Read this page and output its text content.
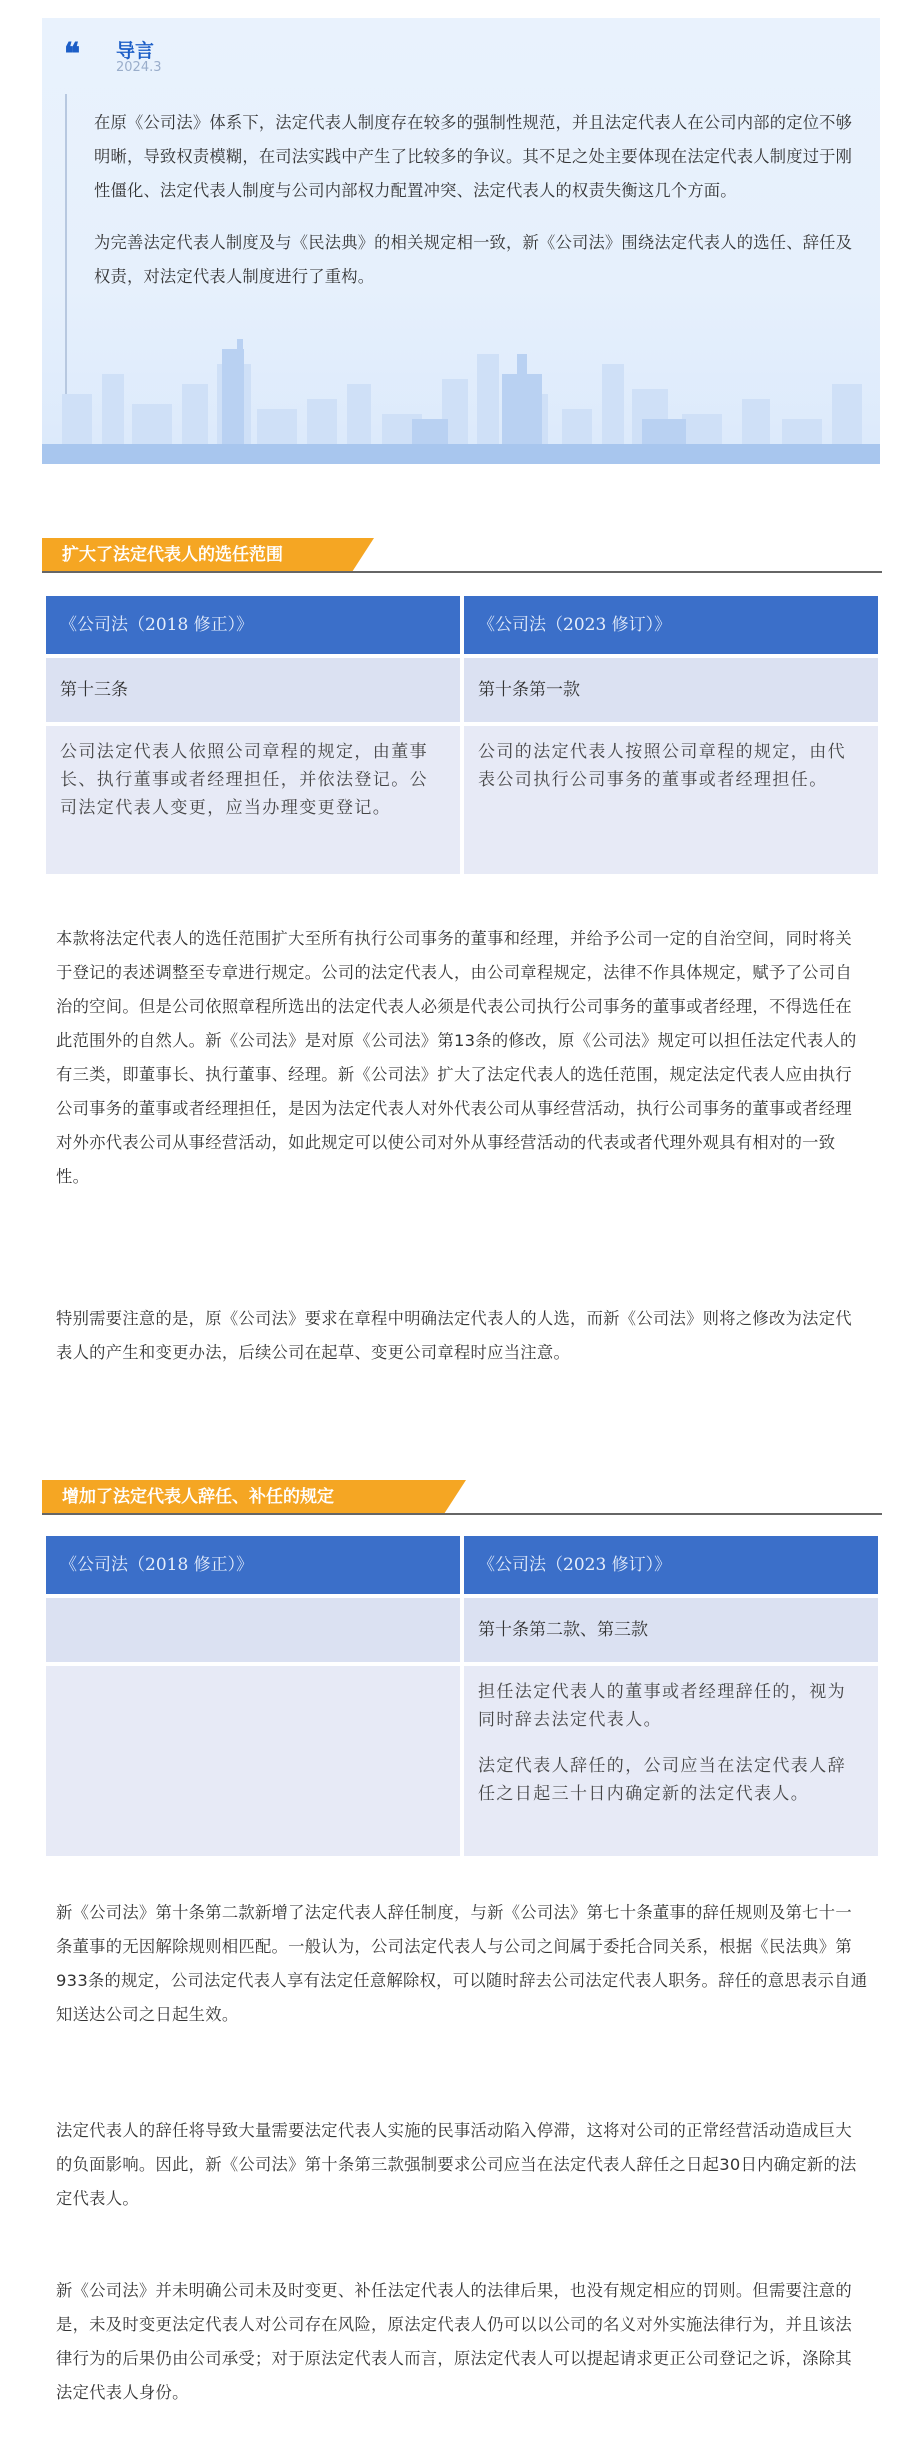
❝ 导言
2024.3

在原《公司法》体系下，法定代表人制度存在较多的强制性规范，并且法定代表人在公司内部的定位不够明晰，导致权责模糊，在司法实践中产生了比较多的争议。其不足之处主要体现在法定代表人制度过于刚性僵化、法定代表人制度与公司内部权力配置冲突、法定代表人的权责失衡这几个方面。

为完善法定代表人制度及与《民法典》的相关规定相一致，新《公司法》围绕法定代表人的选任、辞任及权责，对法定代表人制度进行了重构。

扩大了法定代表人的选任范围
《公司法（2018 修正）》	《公司法（2023 修订）》
第十三条	第十条第一款
公司法定代表人依照公司章程的规定，由董事长、执行董事或者经理担任，并依法登记。公司法定代表人变更，应当办理变更登记。	公司的法定代表人按照公司章程的规定，由代表公司执行公司事务的董事或者经理担任。
本款将法定代表人的选任范围扩大至所有执行公司事务的董事和经理，并给予公司一定的自治空间，同时将关于登记的表述调整至专章进行规定。公司的法定代表人，由公司章程规定，法律不作具体规定，赋予了公司自治的空间。但是公司依照章程所选出的法定代表人必须是代表公司执行公司事务的董事或者经理，不得选任在此范围外的自然人。新《公司法》是对原《公司法》第13条的修改，原《公司法》规定可以担任法定代表人的有三类，即董事长、执行董事、经理。新《公司法》扩大了法定代表人的选任范围，规定法定代表人应由执行公司事务的董事或者经理担任，是因为法定代表人对外代表公司从事经营活动，执行公司事务的董事或者经理对外亦代表公司从事经营活动，如此规定可以使公司对外从事经营活动的代表或者代理外观具有相对的一致性。
特别需要注意的是，原《公司法》要求在章程中明确法定代表人的人选，而新《公司法》则将之修改为法定代表人的产生和变更办法，后续公司在起草、变更公司章程时应当注意。
增加了法定代表人辞任、补任的规定
《公司法（2018 修正）》	《公司法（2023 修订）》
	第十条第二款、第三款

	担任法定代表人的董事或者经理辞任的，视为同时辞去法定代表人。

法定代表人辞任的，公司应当在法定代表人辞任之日起三十日内确定新的法定代表人。

新《公司法》第十条第二款新增了法定代表人辞任制度，与新《公司法》第七十条董事的辞任规则及第七十一条董事的无因解除规则相匹配。一般认为，公司法定代表人与公司之间属于委托合同关系，根据《民法典》第933条的规定，公司法定代表人享有法定任意解除权，可以随时辞去公司法定代表人职务。辞任的意思表示自通知送达公司之日起生效。
法定代表人的辞任将导致大量需要法定代表人实施的民事活动陷入停滞，这将对公司的正常经营活动造成巨大的负面影响。因此，新《公司法》第十条第三款强制要求公司应当在法定代表人辞任之日起30日内确定新的法定代表人。
新《公司法》并未明确公司未及时变更、补任法定代表人的法律后果，也没有规定相应的罚则。但需要注意的是，未及时变更法定代表人对公司存在风险，原法定代表人仍可以以公司的名义对外实施法律行为，并且该法律行为的后果仍由公司承受；对于原法定代表人而言，原法定代表人可以提起请求更正公司登记之诉，涤除其法定代表人身份。
